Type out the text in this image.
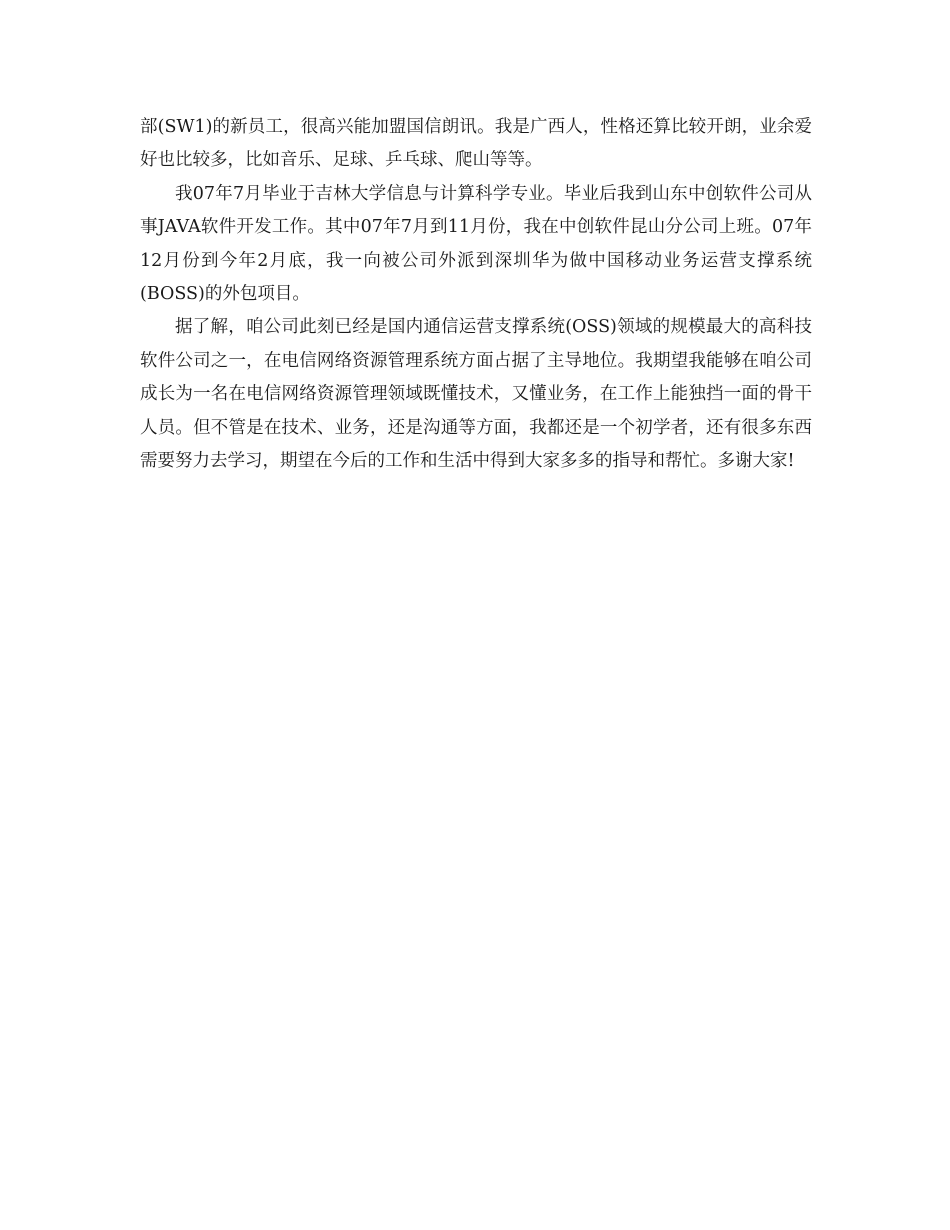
部(SW1)的新员工，很高兴能加盟国信朗讯。我是广西人，性格还算比较开朗，业余爱好也比较多，比如音乐、足球、乒乓球、爬山等等。

我07年7月毕业于吉林大学信息与计算科学专业。毕业后我到山东中创软件公司从事JAVA软件开发工作。其中07年7月到11月份，我在中创软件昆山分公司上班。07年12月份到今年2月底，我一向被公司外派到深圳华为做中国移动业务运营支撑系统(BOSS)的外包项目。

据了解，咱公司此刻已经是国内通信运营支撑系统(OSS)领域的规模最大的高科技软件公司之一，在电信网络资源管理系统方面占据了主导地位。我期望我能够在咱公司成长为一名在电信网络资源管理领域既懂技术，又懂业务，在工作上能独挡一面的骨干人员。但不管是在技术、业务，还是沟通等方面，我都还是一个初学者，还有很多东西需要努力去学习，期望在今后的工作和生活中得到大家多多的指导和帮忙。多谢大家!
